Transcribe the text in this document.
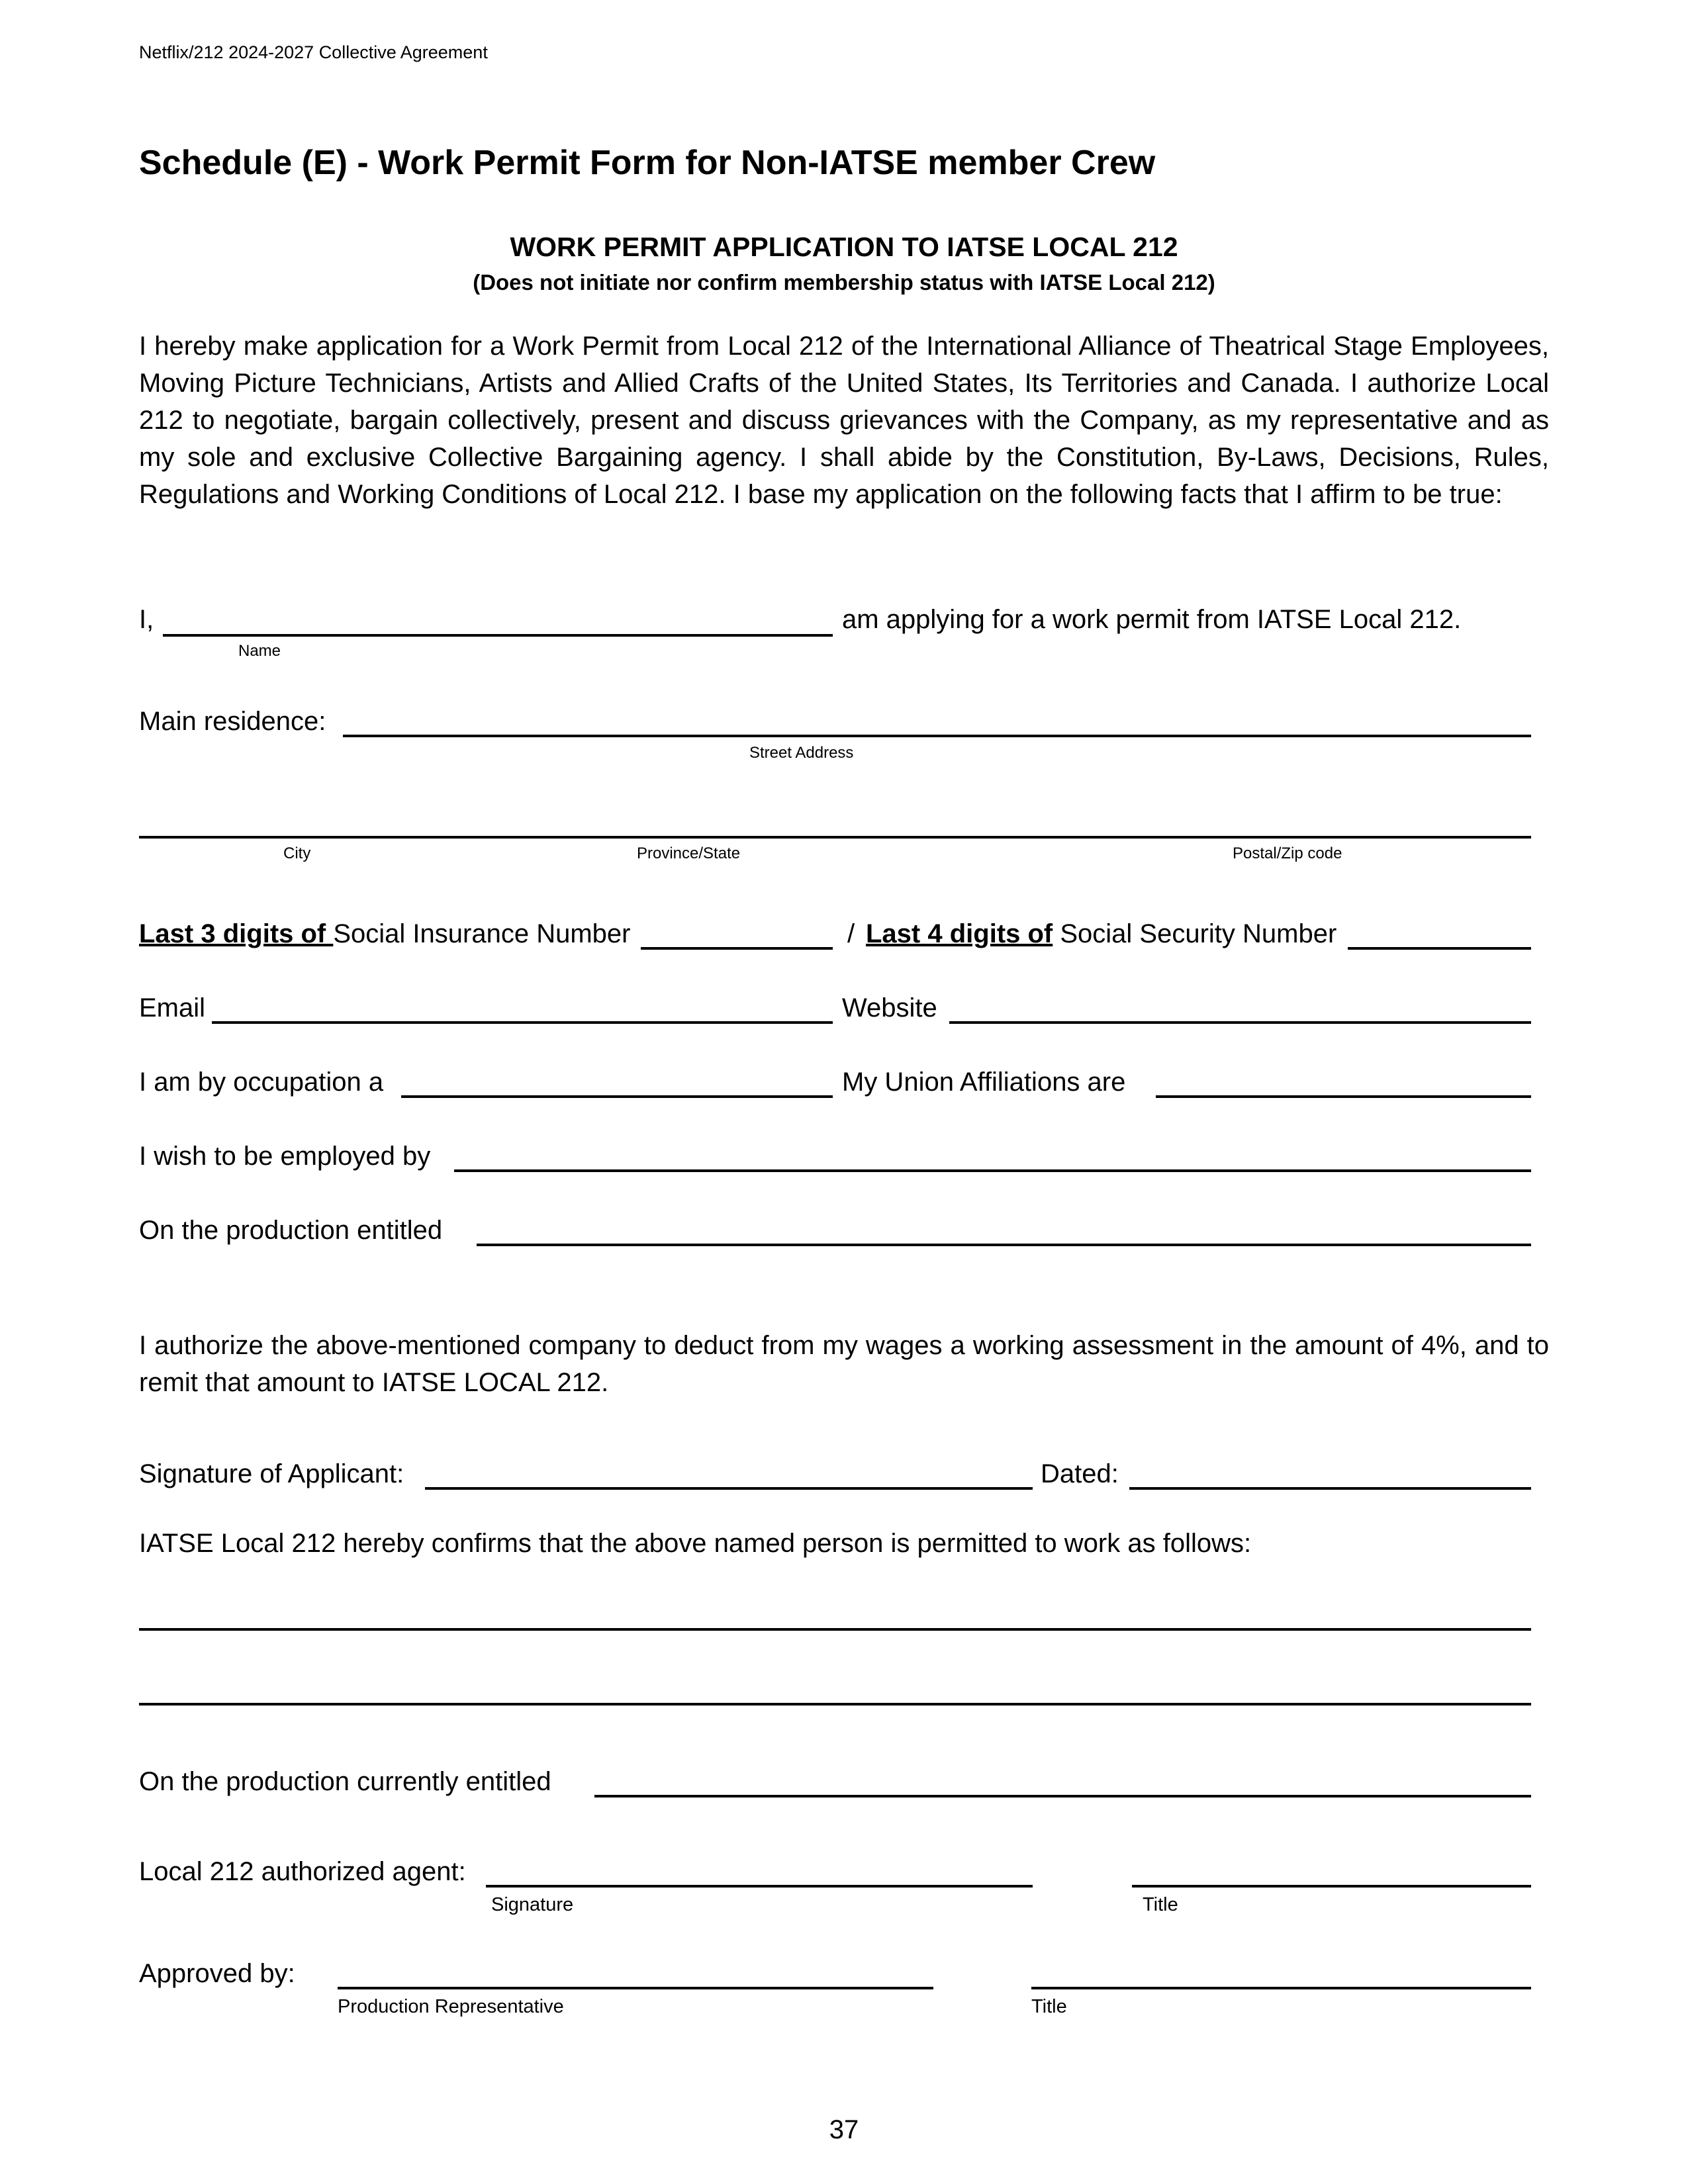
Netflix/212 2024-2027 Collective Agreement
Schedule (E) - Work Permit Form for Non-IATSE member Crew
WORK PERMIT APPLICATION TO IATSE LOCAL 212
(Does not initiate nor confirm membership status with IATSE Local 212)
I hereby make application for a Work Permit from Local 212 of the International Alliance of Theatrical Stage Employees, Moving Picture Technicians, Artists and Allied Crafts of the United States, Its Territories and Canada. I authorize Local 212 to negotiate, bargain collectively, present and discuss grievances with the Company, as my representative and as my sole and exclusive Collective Bargaining agency. I shall abide by the Constitution, By-Laws, Decisions, Rules, Regulations and Working Conditions of Local 212. I base my application on the following facts that I affirm to be true:
I,	am applying for a work permit from IATSE Local 212.
Name
Main residence:
Street Address
City	Province/State	Postal/Zip code
Last 3 digits of Social Insurance Number	/ Last 4 digits of Social Security Number
Email	Website
I am by occupation a	My Union Affiliations are
I wish to be employed by
On the production entitled
I authorize the above-mentioned company to deduct from my wages a working assessment in the amount of 4%, and to remit that amount to IATSE LOCAL 212.
Signature of Applicant:	Dated:
IATSE Local 212 hereby confirms that the above named person is permitted to work as follows:
On the production currently entitled
Local 212 authorized agent:
Signature	Title
Approved by:
Production Representative	Title
37
